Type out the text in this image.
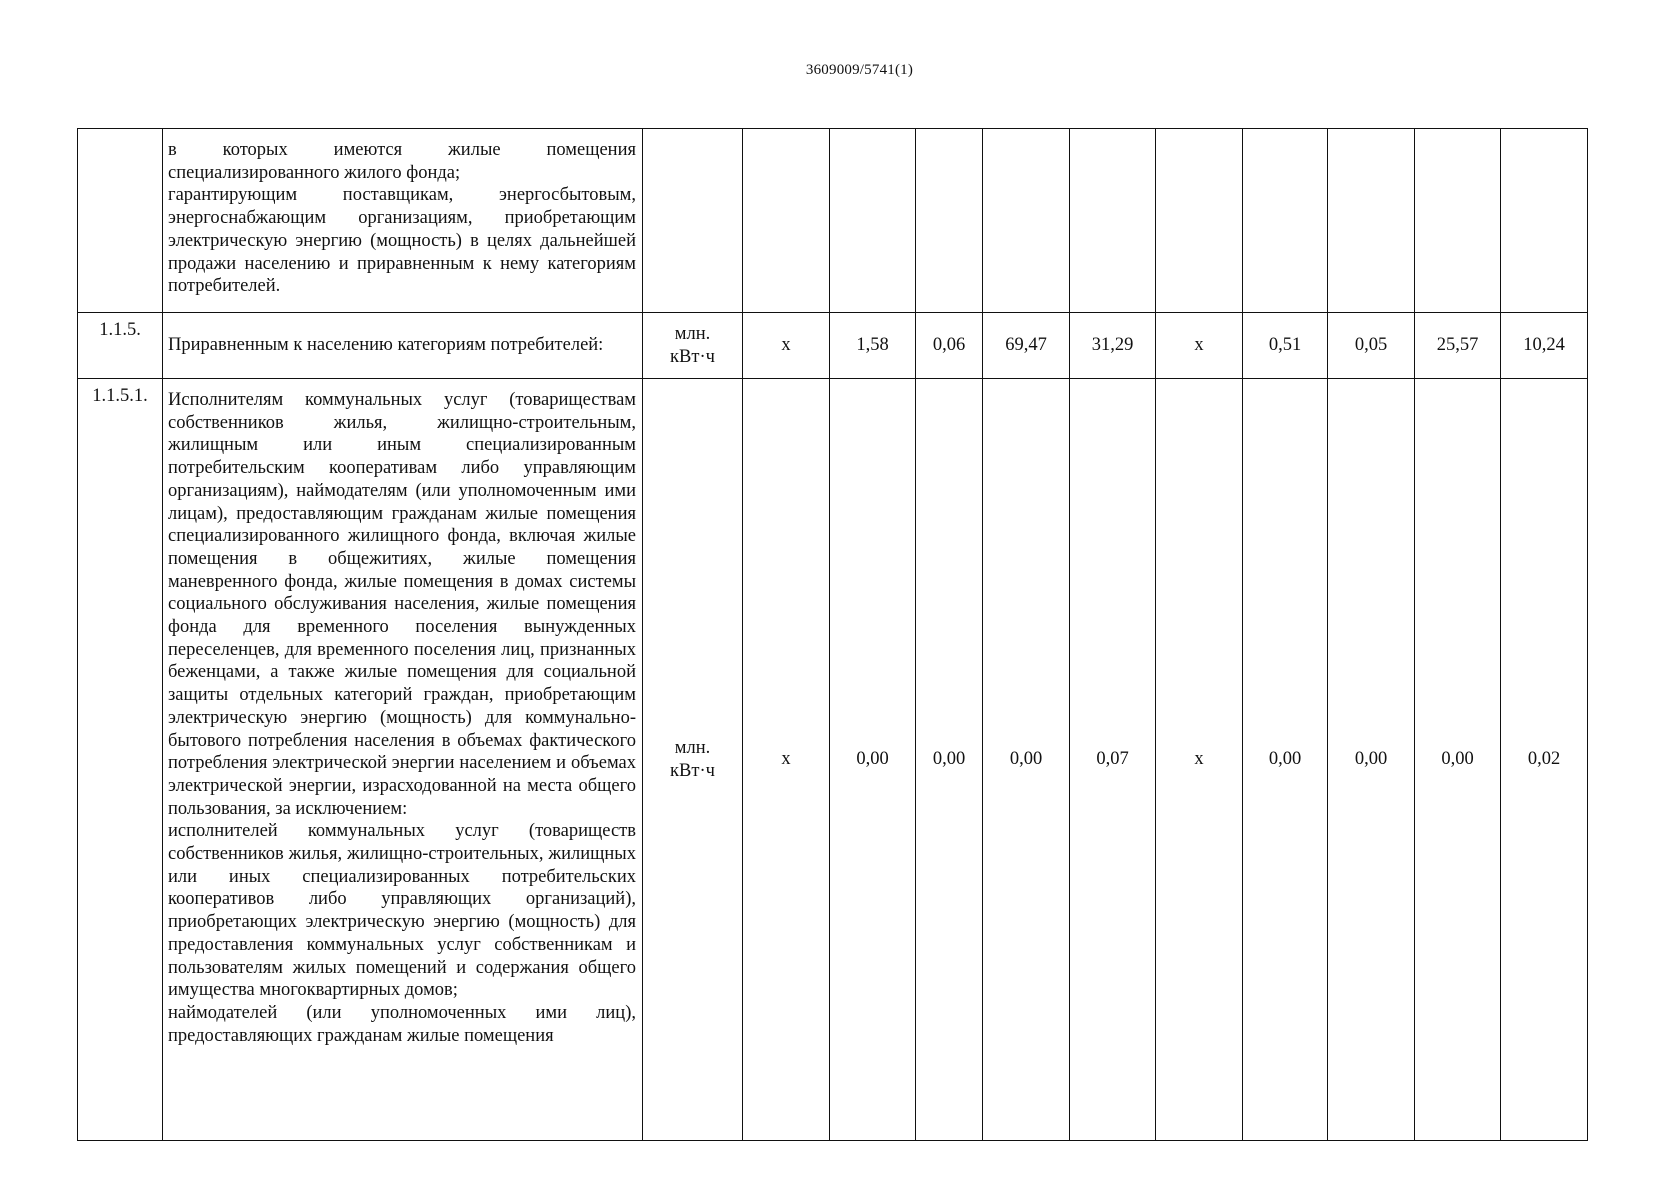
3609009/5741(1)

	в которых имеются жилые помещения специализированного жилого фонда;
гарантирующим поставщикам, энергосбытовым, энергоснабжающим организациям, приобретающим электрическую энергию (мощность) в целях дальнейшей продажи населению и приравненным к нему категориям потребителей.											

1.1.5.	Приравненным к населению категориям потребителей:	млн.
кВт·ч	х	1,58	0,06	69,47	31,29	х	0,51	0,05	25,57	10,24
1.1.5.1.	Исполнителям коммунальных услуг (товариществам собственников жилья, жилищно-строительным, жилищным или иным специализированным потребительским кооперативам либо управляющим организациям), наймодателям (или уполномоченным ими лицам), предоставляющим гражданам жилые помещения специализированного жилищного фонда, включая жилые помещения в общежитиях, жилые помещения маневренного фонда, жилые помещения в домах системы социального обслуживания населения, жилые помещения фонда для временного поселения вынужденных переселенцев, для временного поселения лиц, признанных беженцами, а также жилые помещения для социальной защиты отдельных категорий граждан, приобретающим электрическую энергию (мощность) для коммунально-бытового потребления населения в объемах фактического потребления электрической энергии населением и объемах электрической энергии, израсходованной на места общего пользования, за исключением:
исполнителей коммунальных услуг (товариществ собственников жилья, жилищно-строительных, жилищных или иных специализированных потребительских кооперативов либо управляющих организаций), приобретающих электрическую энергию (мощность) для предоставления коммунальных услуг собственникам и пользователям жилых помещений и содержания общего имущества многоквартирных домов;
наймодателей (или уполномоченных ими лиц), предоставляющих гражданам жилые помещения	млн.
кВт·ч	х	0,00	0,00	0,00	0,07	х	0,00	0,00	0,00	0,02
